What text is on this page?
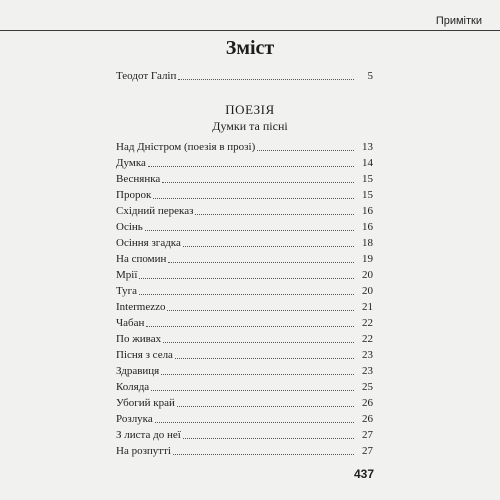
Примітки
Зміст
Теодот Галіп	5
ПОЕЗІЯ
Думки та пісні
Над Дністром (поезія в прозі)	13
Думка	14
Веснянка	15
Пророк	15
Східний переказ	16
Осінь	16
Осіння згадка	18
На спомин	19
Мрії	20
Туга	20
Intermezzo	21
Чабан	22
По живах	22
Пісня з села	23
Здравиця	23
Коляда	25
Убогий край	26
Розлука	26
З листа до неї	27
На розпутті	27
437
